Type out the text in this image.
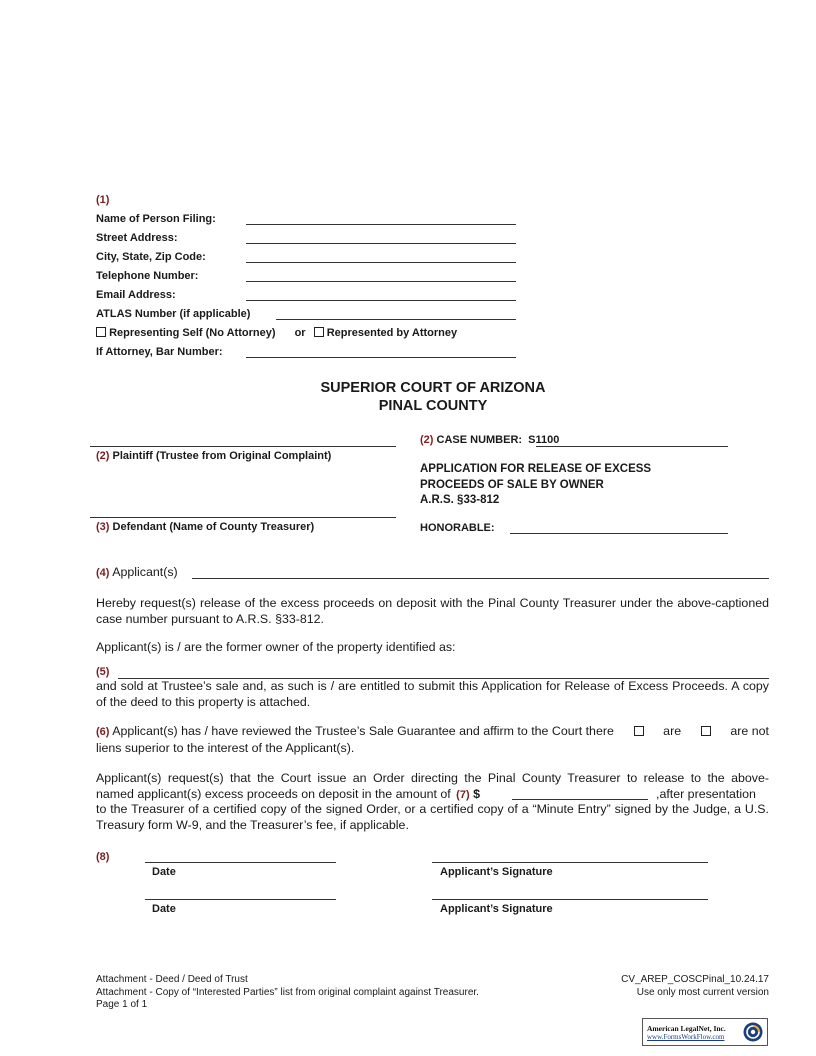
(1)
Name of Person Filing:
Street Address:
City, State, Zip Code:
Telephone Number:
Email Address:
ATLAS Number (if applicable)
Representing Self (No Attorney) or Represented by Attorney
If Attorney, Bar Number:
SUPERIOR COURT OF ARIZONA
PINAL COUNTY
(2) Plaintiff (Trustee from Original Complaint)
(3) Defendant (Name of County Treasurer)
(2) CASE NUMBER: S1100
APPLICATION FOR RELEASE OF EXCESS
PROCEEDS OF SALE BY OWNER
A.R.S. §33-812
HONORABLE:
(4) Applicant(s)
Hereby request(s) release of the excess proceeds on deposit with the Pinal County Treasurer under the above-captioned case number pursuant to A.R.S. §33-812.
Applicant(s) is / are the former owner of the property identified as:
(5)
and sold at Trustee’s sale and, as such is / are entitled to submit this Application for Release of Excess Proceeds. A copy of the deed to this property is attached.
(6) Applicant(s) has / have reviewed the Trustee’s Sale Guarantee and affirm to the Court there	are	are not
liens superior to the interest of the Applicant(s).
Applicant(s) request(s) that the Court issue an Order directing the Pinal County Treasurer to release to the above-
named applicant(s) excess proceeds on deposit in the amount of (7) $	,after presentation
to the Treasurer of a certified copy of the signed Order, or a certified copy of a “Minute Entry” signed by the Judge, a U.S. Treasury form W-9, and the Treasurer’s fee, if applicable.
(8)
Date	Applicant’s Signature
Date	Applicant’s Signature
Attachment - Deed / Deed of Trust
Attachment - Copy of “Interested Parties” list from original complaint against Treasurer.
Page 1 of 1
CV_AREP_COSCPinal_10.24.17
Use only most current version
American LegalNet, Inc.
www.FormsWorkFlow.com
